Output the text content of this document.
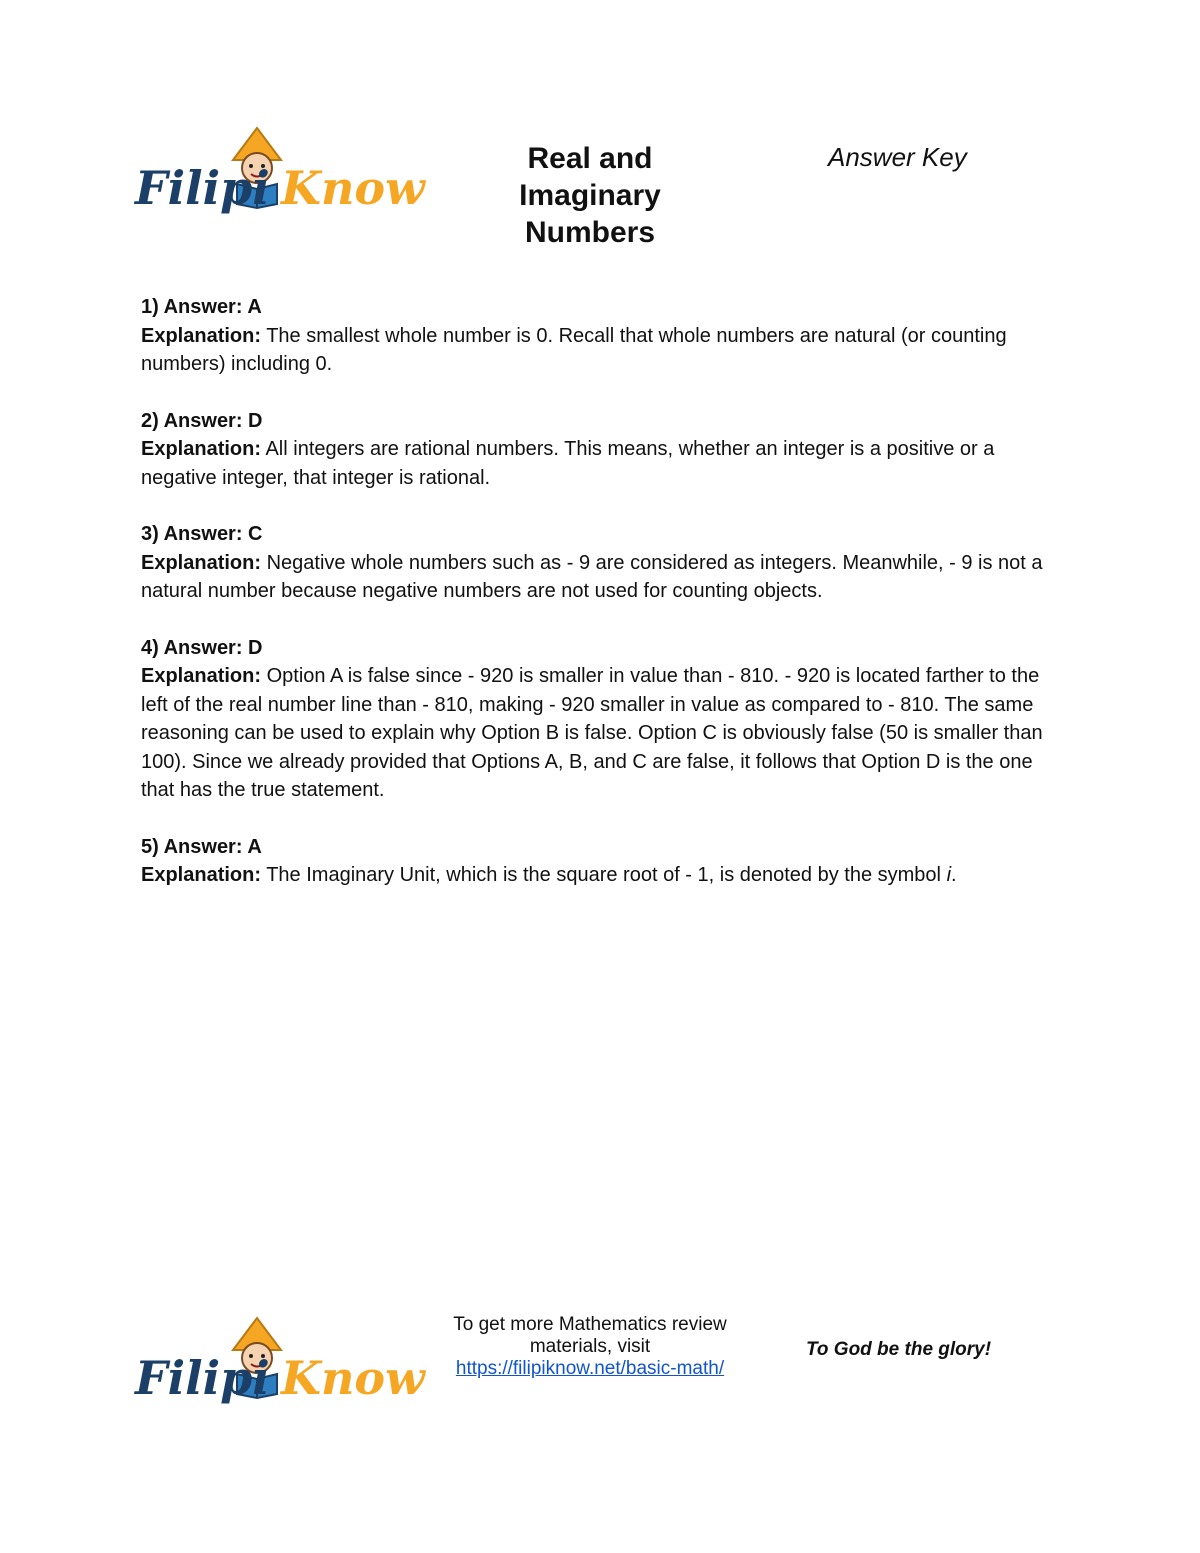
Filipi Know

Real and
Imaginary
Numbers

Answer Key

1) Answer: A

Explanation: The smallest whole number is 0. Recall that whole numbers are natural (or counting numbers) including 0.

2) Answer: D

Explanation: All integers are rational numbers. This means, whether an integer is a positive or a negative integer, that integer is rational.

3) Answer: C

Explanation: Negative whole numbers such as - 9 are considered as integers. Meanwhile, - 9 is not a natural number because negative numbers are not used for counting objects.

4) Answer: D

Explanation: Option A is false since - 920 is smaller in value than - 810. - 920 is located farther to the left of the real number line than - 810, making - 920 smaller in value as compared to - 810. The same reasoning can be used to explain why Option B is false. Option C is obviously false (50 is smaller than 100). Since we already provided that Options A, B, and C are false, it follows that Option D is the one that has the true statement.

5) Answer: A

Explanation: The Imaginary Unit, which is the square root of - 1, is denoted by the symbol i.

Filipi Know
To get more Mathematics review
materials, visit
https://filipiknow.net/basic-math/
To God be the glory!
